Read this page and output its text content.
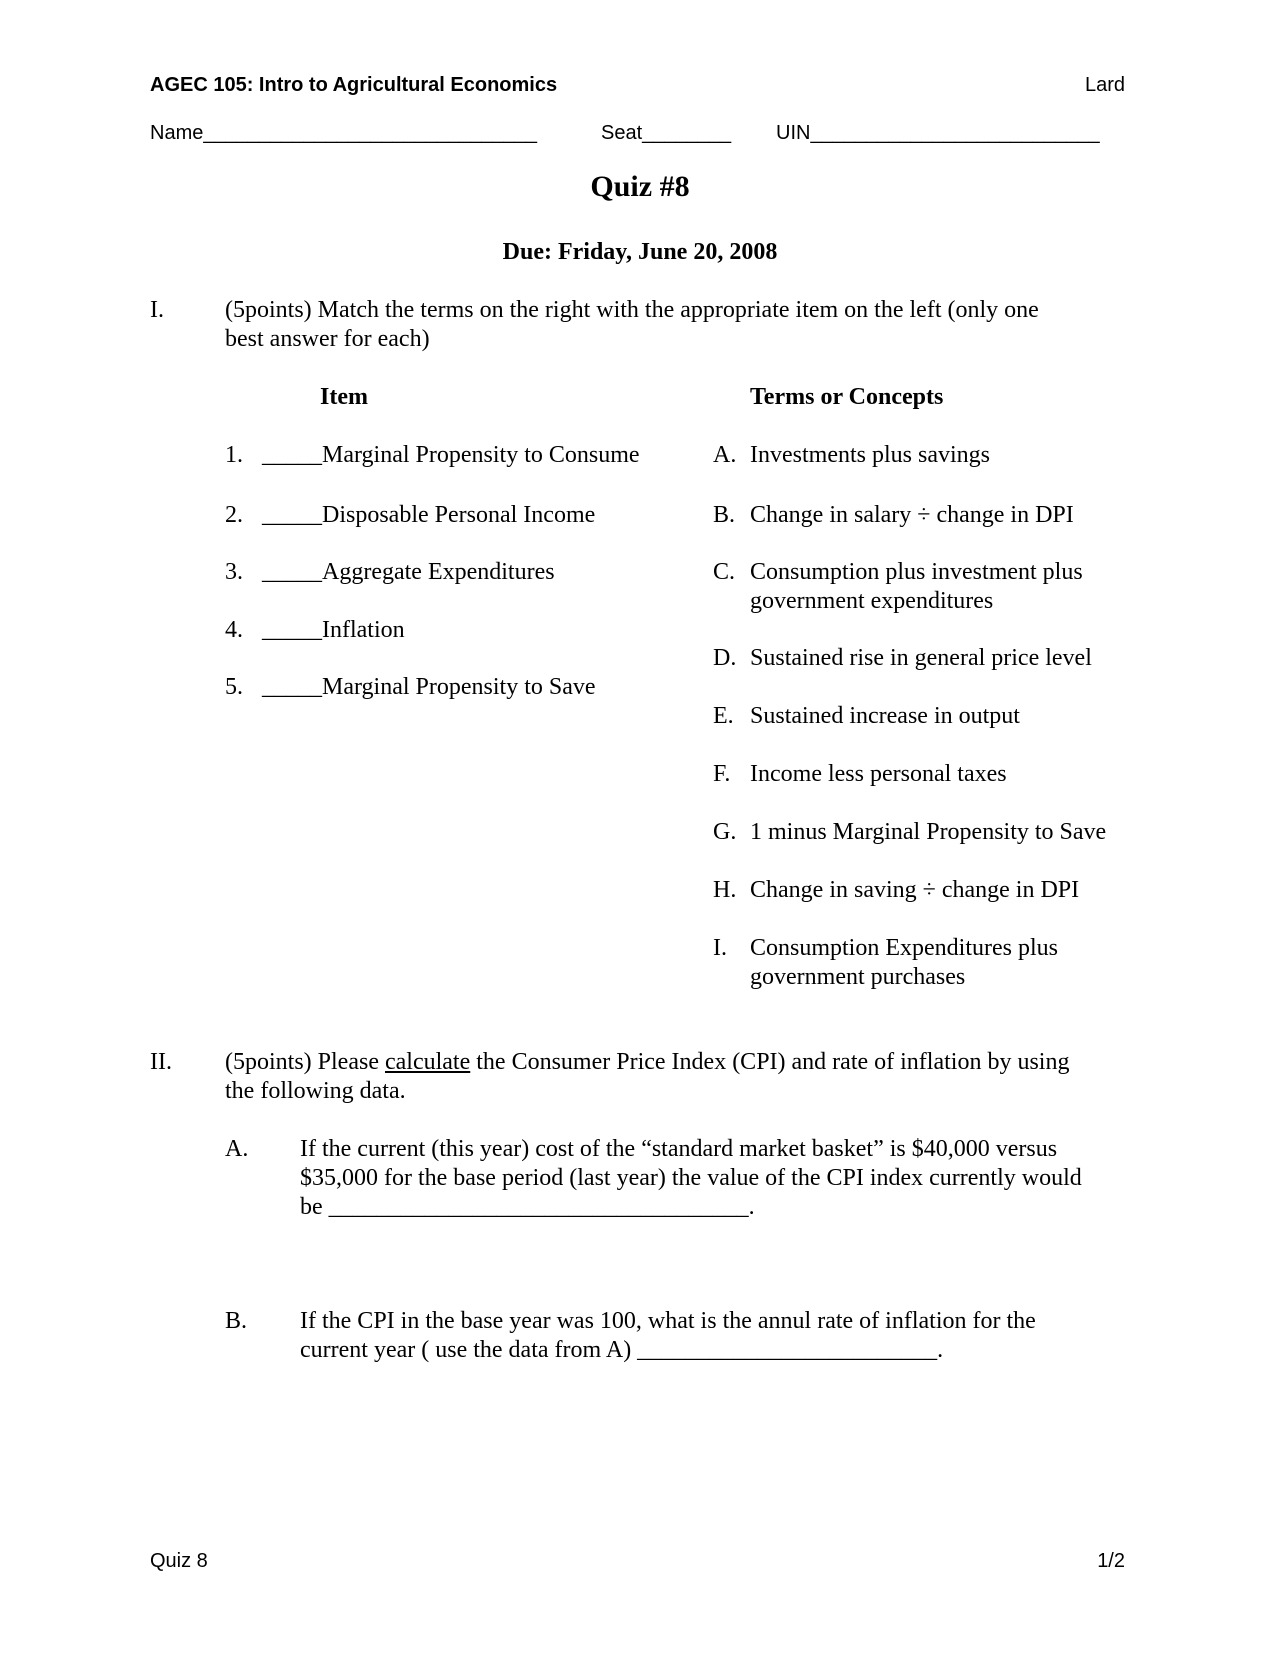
AGEC 105: Intro to Agricultural Economics	Lard
Name______________________________	Seat________ UIN__________________________
Quiz #8
Due: Friday, June 20, 2008
I.	(5points) Match the terms on the right with the appropriate item on the left (only one
best answer for each)
Item	Terms or Concepts
1. _____Marginal Propensity to Consume
2. _____Disposable Personal Income
3. _____Aggregate Expenditures
4. _____Inflation
5. _____Marginal Propensity to Save
A. Investments plus savings
B. Change in salary ÷ change in DPI
C. Consumption plus investment plus
government expenditures
D. Sustained rise in general price level
E. Sustained increase in output
F. Income less personal taxes
G. 1 minus Marginal Propensity to Save
H. Change in saving ÷ change in DPI
I. Consumption Expenditures plus
government purchases
II. (5points) Please calculate the Consumer Price Index (CPI) and rate of inflation by using
the following data.
A. If the current (this year) cost of the “standard market basket” is $40,000 versus
$35,000 for the base period (last year) the value of the CPI index currently would
be ___________________________________.
B. If the CPI in the base year was 100, what is the annul rate of inflation for the
current year ( use the data from A) _________________________.
Quiz 8	1/2
